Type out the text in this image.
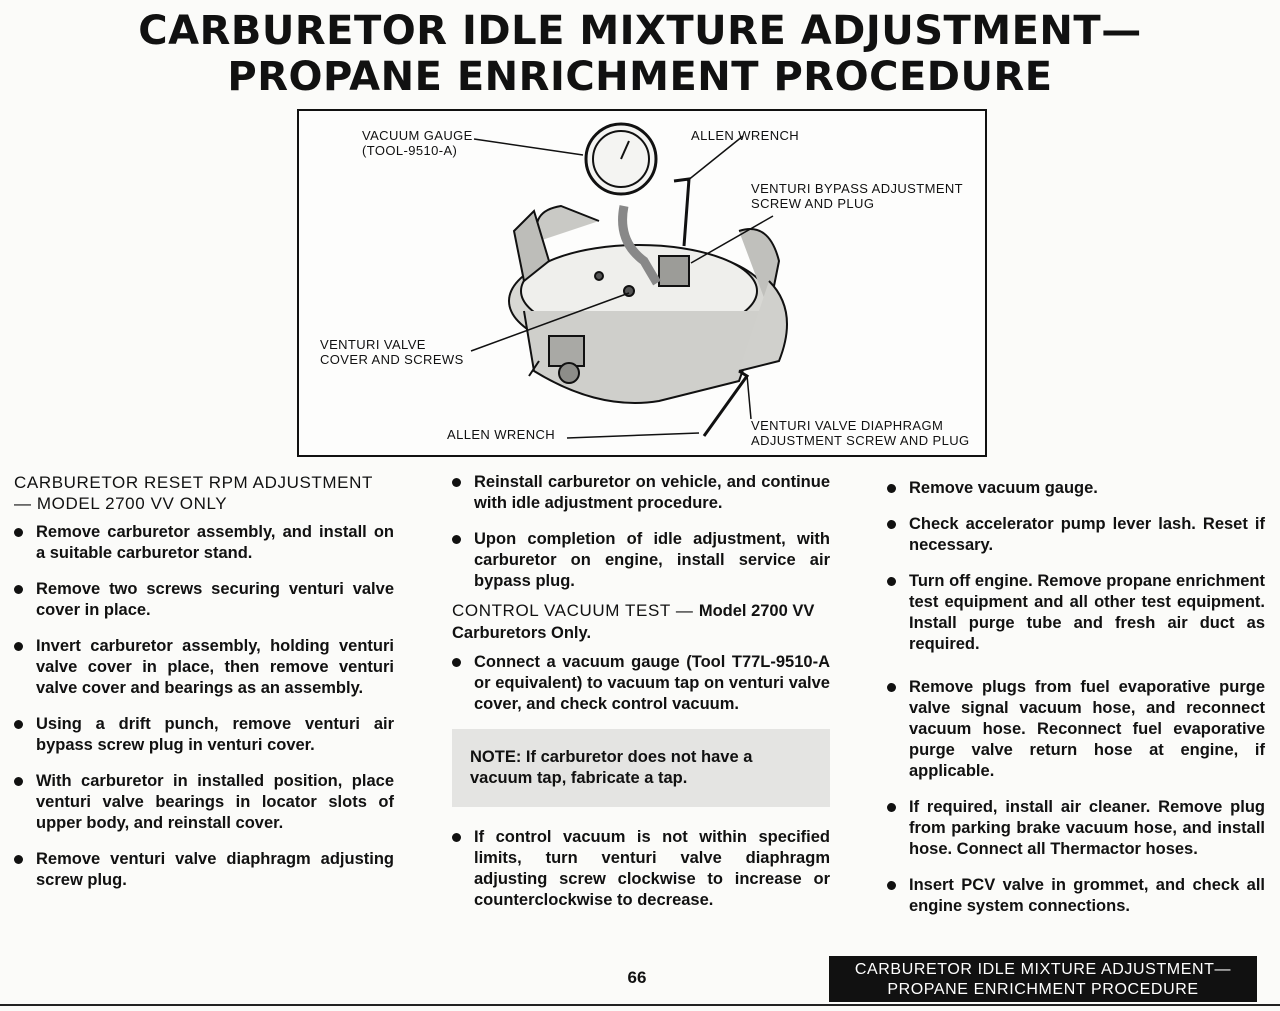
CARBURETOR IDLE MIXTURE ADJUSTMENT—
PROPANE ENRICHMENT PROCEDURE
VACUUM GAUGE
(TOOL-9510-A)
ALLEN WRENCH
VENTURI BYPASS ADJUSTMENT
SCREW AND PLUG
VENTURI VALVE
COVER AND SCREWS
ALLEN WRENCH
VENTURI VALVE DIAPHRAGM
ADJUSTMENT SCREW AND PLUG

CARBURETOR RESET RPM ADJUSTMENT — MODEL 2700 VV ONLY

Remove carburetor assembly, and install on a suitable carburetor stand.
Remove two screws securing venturi valve cover in place.
Invert carburetor assembly, holding venturi valve cover in place, then remove venturi valve cover and bearings as an assembly.
Using a drift punch, remove venturi air bypass screw plug in venturi cover.
With carburetor in installed position, place venturi valve bearings in locator slots of upper body, and reinstall cover.
Remove venturi valve diaphragm adjusting screw plug.
Reinstall carburetor on vehicle, and continue with idle adjustment procedure.
Upon completion of idle adjustment, with carburetor on engine, install service air bypass plug.

CONTROL VACUUM TEST — Model 2700 VV Carburetors Only.

Connect a vacuum gauge (Tool T77L-9510-A or equivalent) to vacuum tap on venturi valve cover, and check control vacuum.
NOTE: If carburetor does not have a vacuum tap, fabricate a tap.
If control vacuum is not within specified limits, turn venturi valve diaphragm adjusting screw clockwise to increase or counterclockwise to decrease.
Remove vacuum gauge.
Check accelerator pump lever lash. Reset if necessary.
Turn off engine. Remove propane enrichment test equipment and all other test equipment. Install purge tube and fresh air duct as required.
Remove plugs from fuel evaporative purge valve signal vacuum hose, and reconnect vacuum hose. Reconnect fuel evaporative purge valve return hose at engine, if applicable.
If required, install air cleaner. Remove plug from parking brake vacuum hose, and install hose. Connect all Thermactor hoses.
Insert PCV valve in grommet, and check all engine system connections.
66	CARBURETOR IDLE MIXTURE ADJUSTMENT—
PROPANE ENRICHMENT PROCEDURE
